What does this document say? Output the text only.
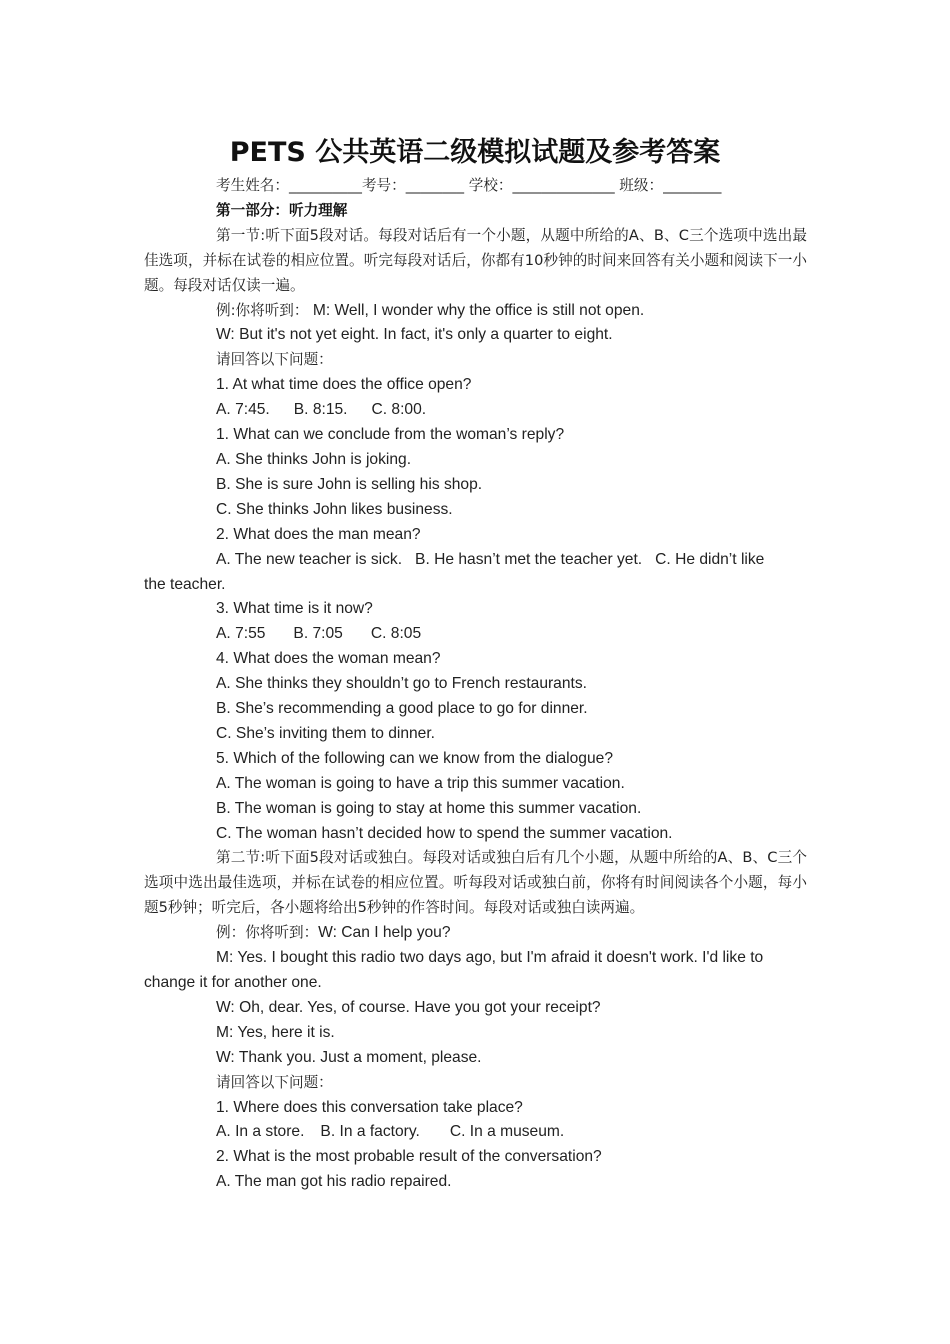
PETS 公共英语二级模拟试题及参考答案
考生姓名：__________考号：________ 学校：______________ 班级：________
第一部分：听力理解
第一节:听下面5段对话。每段对话后有一个小题，从题中所给的A、B、C三个选项中选出最佳选项，并标在试卷的相应位置。听完每段对话后，你都有10秒钟的时间来回答有关小题和阅读下一小题。每段对话仅读一遍。
例:你将听到： M: Well, I wonder why the office is still not open.
W: But it's not yet eight. In fact, it's only a quarter to eight.
请回答以下问题：
1. At what time does the office open?
A. 7:45. B. 8:15. C. 8:00.
1. What can we conclude from the woman’s reply?
A. She thinks John is joking.
B. She is sure John is selling his shop.
C. She thinks John likes business.
2. What does the man mean?
A. The new teacher is sick.   B. He hasn’t met the teacher yet.   C. He didn’t like
the teacher.
3. What time is it now?
A. 7:55 B. 7:05 C. 8:05
4. What does the woman mean?
A. She thinks they shouldn’t go to French restaurants.
B. She’s recommending a good place to go for dinner.
C. She’s inviting them to dinner.
5. Which of the following can we know from the dialogue?
A. The woman is going to have a trip this summer vacation.
B. The woman is going to stay at home this summer vacation.
C. The woman hasn’t decided how to spend the summer vacation.
第二节:听下面5段对话或独白。每段对话或独白后有几个小题，从题中所给的A、B、C三个选项中选出最佳选项，并标在试卷的相应位置。听每段对话或独白前，你将有时间阅读各个小题，每小题5秒钟；听完后，各小题将给出5秒钟的作答时间。每段对话或独白读两遍。
例：你将听到：W: Can I help you?
M: Yes. I bought this radio two days ago, but I'm afraid it doesn't work. I'd like to
change it for another one.
W: Oh, dear. Yes, of course. Have you got your receipt?
M: Yes, here it is.
W: Thank you. Just a moment, please.
请回答以下问题：
1. Where does this conversation take place?
A. In a store. B. In a factory. C. In a museum.
2. What is the most probable result of the conversation?
A. The man got his radio repaired.
